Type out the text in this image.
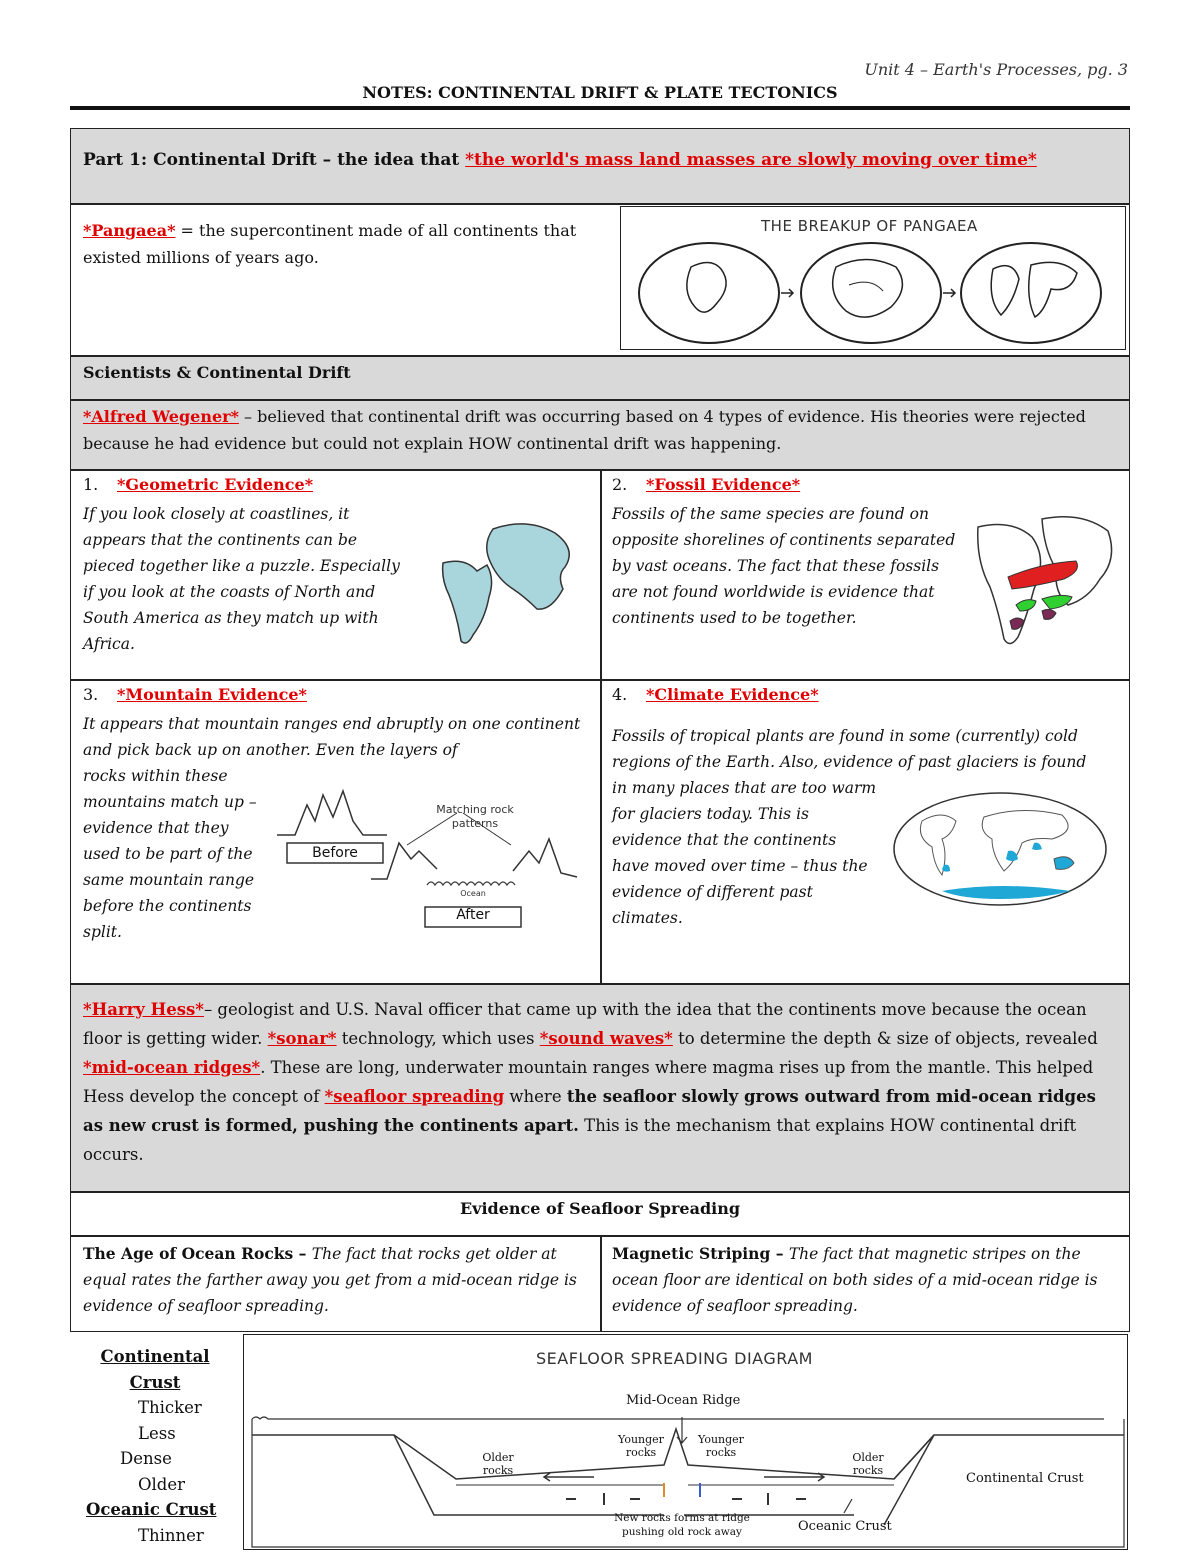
Unit 4 – Earth's Processes, pg. 3
NOTES: CONTINENTAL DRIFT & PLATE TECTONICS
Part 1: Continental Drift – the idea that *the world's mass land masses are slowly moving over time*
*Pangaea* = the supercontinent made of all continents that existed millions of years ago.
THE BREAKUP OF PANGAEA
Scientists & Continental Drift
*Alfred Wegener* – believed that continental drift was occurring based on 4 types of evidence. His theories were rejected because he had evidence but could not explain HOW continental drift was happening.
1. *Geometric Evidence*
If you look closely at coastlines, it appears that the continents can be pieced together like a puzzle. Especially if you look at the coasts of North and South America as they match up with Africa.
2. *Fossil Evidence*
Fossils of the same species are found on opposite shorelines of continents separated by vast oceans. The fact that these fossils are not found worldwide is evidence that continents used to be together.
3. *Mountain Evidence*
It appears that mountain ranges end abruptly on one continent and pick back up on another. Even the layers of
rocks within these mountains match up – evidence that they used to be part of the same mountain range before the continents split.
Before
After
Matching rock patterns
Ocean
4. *Climate Evidence*
Fossils of tropical plants are found in some (currently) cold regions of the Earth. Also, evidence of past glaciers is found
in many places that are too warm for glaciers today. This is evidence that the continents have moved over time – thus the evidence of different past climates.
*Harry Hess*– geologist and U.S. Naval officer that came up with the idea that the continents move because the ocean floor is getting wider. *sonar* technology, which uses *sound waves* to determine the depth & size of objects, revealed *mid-ocean ridges*. These are long, underwater mountain ranges where magma rises up from the mantle. This helped Hess develop the concept of *seafloor spreading where the seafloor slowly grows outward from mid-ocean ridges as new crust is formed, pushing the continents apart. This is the mechanism that explains HOW continental drift occurs.
Evidence of Seafloor Spreading
The Age of Ocean Rocks – The fact that rocks get older at equal rates the farther away you get from a mid-ocean ridge is evidence of seafloor spreading.
Magnetic Striping – The fact that magnetic stripes on the ocean floor are identical on both sides of a mid-ocean ridge is evidence of seafloor spreading.
Continental Crust
Thicker
Less
Dense
Older
Oceanic Crust
Thinner
SEAFLOOR SPREADING DIAGRAM
Mid-Ocean Ridge
Younger rocks
Younger rocks
Older rocks
Older rocks
Continental Crust
Oceanic Crust
New rocks forms at ridge pushing old rock away
